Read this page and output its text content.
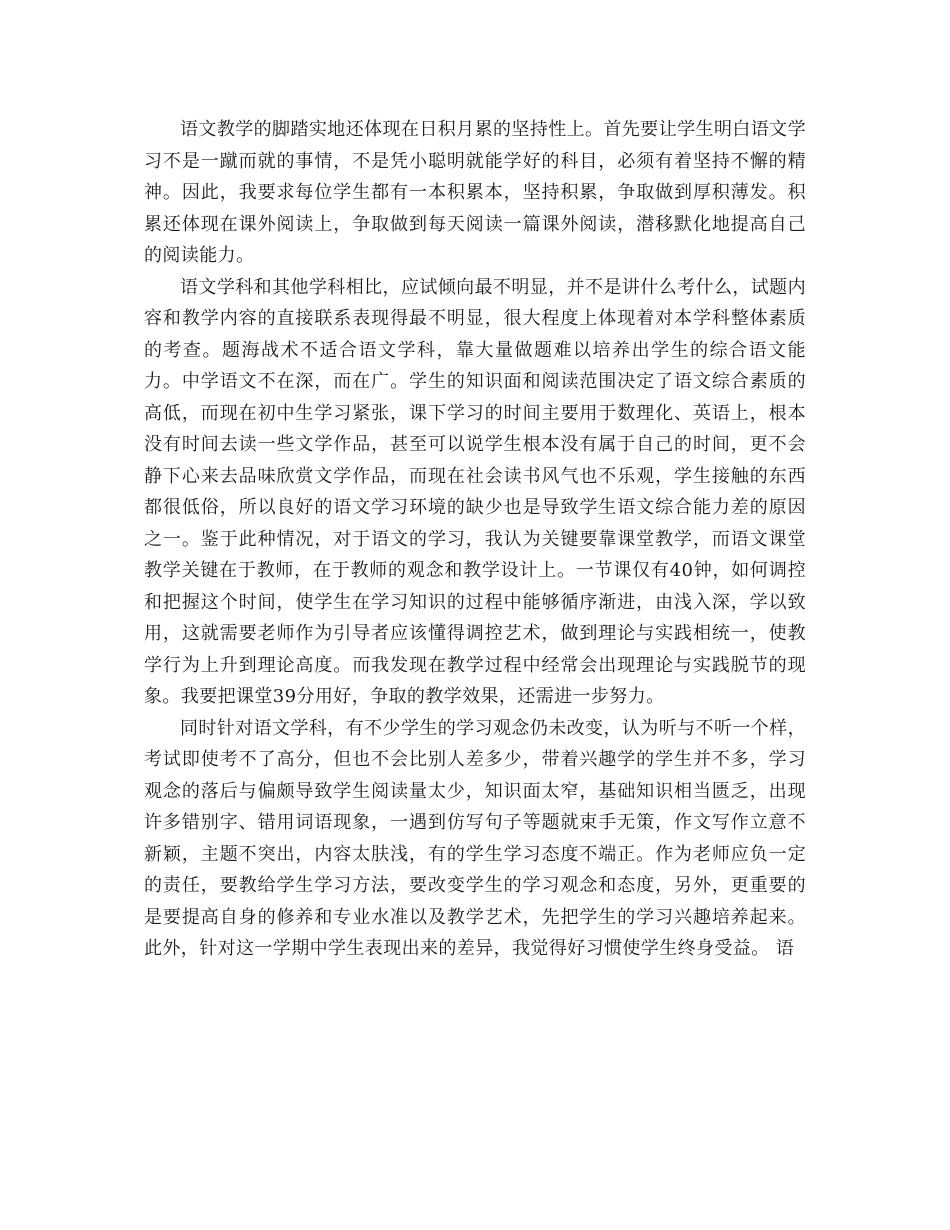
语文教学的脚踏实地还体现在日积月累的坚持性上。首先要让学生明白语文学习不是一蹴而就的事情，不是凭小聪明就能学好的科目，必须有着坚持不懈的精神。因此，我要求每位学生都有一本积累本，坚持积累，争取做到厚积薄发。积累还体现在课外阅读上，争取做到每天阅读一篇课外阅读，潜移默化地提高自己的阅读能力。

语文学科和其他学科相比，应试倾向最不明显，并不是讲什么考什么，试题内容和教学内容的直接联系表现得最不明显，很大程度上体现着对本学科整体素质的考查。题海战术不适合语文学科，靠大量做题难以培养出学生的综合语文能力。中学语文不在深，而在广。学生的知识面和阅读范围决定了语文综合素质的高低，而现在初中生学习紧张，课下学习的时间主要用于数理化、英语上，根本没有时间去读一些文学作品，甚至可以说学生根本没有属于自己的时间，更不会静下心来去品味欣赏文学作品，而现在社会读书风气也不乐观，学生接触的东西都很低俗，所以良好的语文学习环境的缺少也是导致学生语文综合能力差的原因之一。鉴于此种情况，对于语文的学习，我认为关键要靠课堂教学，而语文课堂教学关键在于教师，在于教师的观念和教学设计上。一节课仅有40钟，如何调控和把握这个时间，使学生在学习知识的过程中能够循序渐进，由浅入深，学以致用，这就需要老师作为引导者应该懂得调控艺术，做到理论与实践相统一，使教学行为上升到理论高度。而我发现在教学过程中经常会出现理论与实践脱节的现象。我要把课堂39分用好，争取的教学效果，还需进一步努力。

同时针对语文学科，有不少学生的学习观念仍未改变，认为听与不听一个样，考试即使考不了高分，但也不会比别人差多少，带着兴趣学的学生并不多，学习观念的落后与偏颇导致学生阅读量太少，知识面太窄，基础知识相当匮乏，出现许多错别字、错用词语现象，一遇到仿写句子等题就束手无策，作文写作立意不新颖，主题不突出，内容太肤浅，有的学生学习态度不端正。作为老师应负一定的责任，要教给学生学习方法，要改变学生的学习观念和态度，另外，更重要的是要提高自身的修养和专业水准以及教学艺术，先把学生的学习兴趣培养起来。此外，针对这一学期中学生表现出来的差异，我觉得好习惯使学生终身受益。 语
